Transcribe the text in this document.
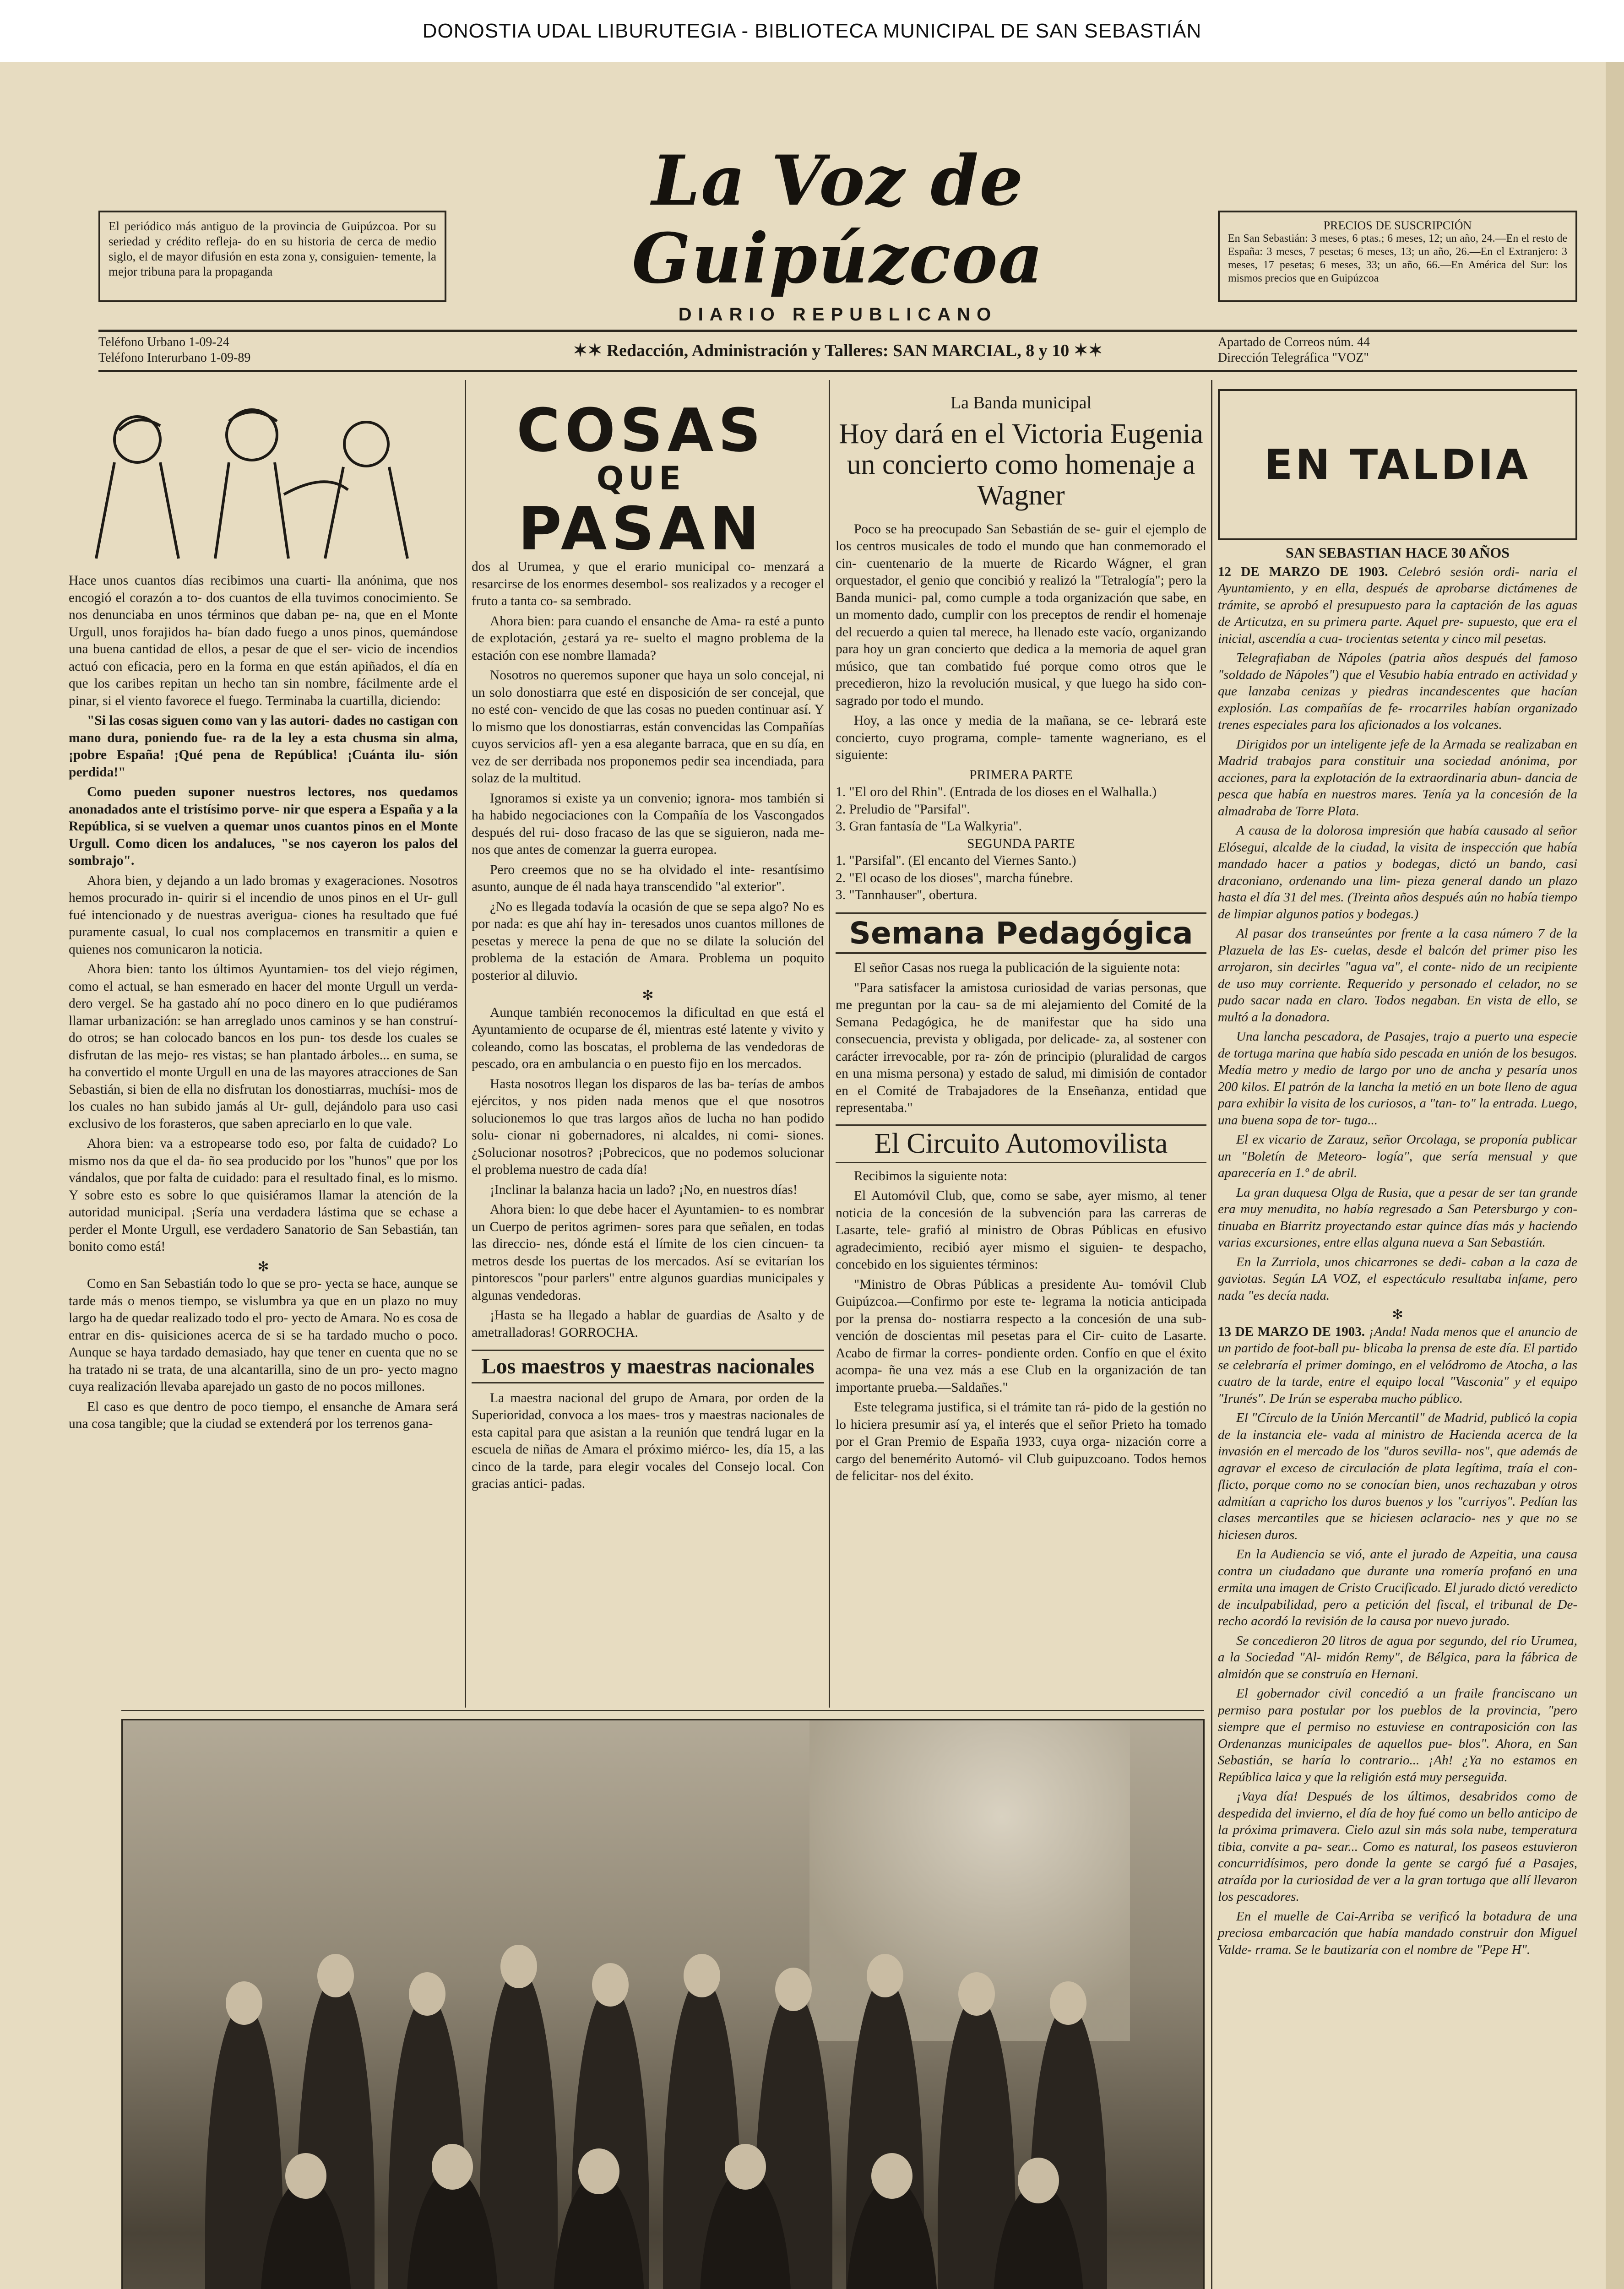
DONOSTIA UDAL LIBURUTEGIA - BIBLIOTECA MUNICIPAL DE SAN SEBASTIÁN
El periódico más antiguo de la provincia de Guipúzcoa. Por su seriedad y crédito refleja- do en su historia de cerca de medio siglo, el de mayor difusión en esta zona y, consiguien- temente, la mejor tribuna para la propaganda
La Voz de Guipúzcoa
DIARIO REPUBLICANO
PRECIOS DE SUSCRIPCIÓN
En San Sebastián: 3 meses, 6 ptas.; 6 meses, 12; un año, 24.—En el resto de España: 3 meses, 7 pesetas; 6 meses, 13; un año, 26.—En el Extranjero: 3 meses, 17 pesetas; 6 meses, 33; un año, 66.—En América del Sur: los mismos precios que en Guipúzcoa
Teléfono Urbano 1-09-24
Teléfono Interurbano 1-09-89	✶✶ Redacción, Administración y Talleres: SAN MARCIAL, 8 y 10 ✶✶	Apartado de Correos núm. 44
Dirección Telegráfica "VOZ"
COSAS
QUE
PASAN

Hace unos cuantos días recibimos una cuarti- lla anónima, que nos encogió el corazón a to- dos cuantos de ella tuvimos conocimiento. Se nos denunciaba en unos términos que daban pe- na, que en el Monte Urgull, unos forajidos ha- bían dado fuego a unos pinos, quemándose una buena cantidad de ellos, a pesar de que el ser- vicio de incendios actuó con eficacia, pero en la forma en que están apiñados, el día en que los caribes repitan un hecho tan sin nombre, fácilmente arde el pinar, si el viento favorece el fuego. Terminaba la cuartilla, diciendo:

"Si las cosas siguen como van y las autori- dades no castigan con mano dura, poniendo fue- ra de la ley a esta chusma sin alma, ¡pobre España! ¡Qué pena de República! ¡Cuánta ilu- sión perdida!"

Como pueden suponer nuestros lectores, nos quedamos anonadados ante el tristísimo porve- nir que espera a España y a la República, si se vuelven a quemar unos cuantos pinos en el Monte Urgull. Como dicen los andaluces, "se nos cayeron los palos del sombrajo".

Ahora bien, y dejando a un lado bromas y exageraciones. Nosotros hemos procurado in- quirir si el incendio de unos pinos en el Ur- gull fué intencionado y de nuestras averigua- ciones ha resultado que fué puramente casual, lo cual nos complacemos en transmitir a quien e quienes nos comunicaron la noticia.

Ahora bien: tanto los últimos Ayuntamien- tos del viejo régimen, como el actual, se han esmerado en hacer del monte Urgull un verda- dero vergel. Se ha gastado ahí no poco dinero en lo que pudiéramos llamar urbanización: se han arreglado unos caminos y se han construí- do otros; se han colocado bancos en los pun- tos desde los cuales se disfrutan de las mejo- res vistas; se han plantado árboles... en suma, se ha convertido el monte Urgull en una de las mayores atracciones de San Sebastián, si bien de ella no disfrutan los donostiarras, muchísi- mos de los cuales no han subido jamás al Ur- gull, dejándolo para uso casi exclusivo de los forasteros, que saben apreciarlo en lo que vale.

Ahora bien: va a estropearse todo eso, por falta de cuidado? Lo mismo nos da que el da- ño sea producido por los "hunos" que por los vándalos, que por falta de cuidado: para el resultado final, es lo mismo. Y sobre esto es sobre lo que quisiéramos llamar la atención de la autoridad municipal. ¡Sería una verdadera lástima que se echase a perder el Monte Urgull, ese verdadero Sanatorio de San Sebastián, tan bonito como está!

✻

Como en San Sebastián todo lo que se pro- yecta se hace, aunque se tarde más o menos tiempo, se vislumbra ya que en un plazo no muy largo ha de quedar realizado todo el pro- yecto de Amara. No es cosa de entrar en dis- quisiciones acerca de si se ha tardado mucho o poco. Aunque se haya tardado demasiado, hay que tener en cuenta que no se ha tratado ni se trata, de una alcantarilla, sino de un pro- yecto magno cuya realización llevaba aparejado un gasto de no pocos millones.

El caso es que dentro de poco tiempo, el ensanche de Amara será una cosa tangible; que la ciudad se extenderá por los terrenos gana-

dos al Urumea, y que el erario municipal co- menzará a resarcirse de los enormes desembol- sos realizados y a recoger el fruto a tanta co- sa sembrado.

Ahora bien: para cuando el ensanche de Ama- ra esté a punto de explotación, ¿estará ya re- suelto el magno problema de la estación con ese nombre llamada?

Nosotros no queremos suponer que haya un solo concejal, ni un solo donostiarra que esté en disposición de ser concejal, que no esté con- vencido de que las cosas no pueden continuar así. Y lo mismo que los donostiarras, están convencidas las Compañías cuyos servicios afl- yen a esa alegante barraca, que en su día, en vez de ser derribada nos proponemos pedir sea incendiada, para solaz de la multitud.

Ignoramos si existe ya un convenio; ignora- mos también si ha habido negociaciones con la Compañía de los Vascongados después del rui- doso fracaso de las que se siguieron, nada me- nos que antes de comenzar la guerra europea.

Pero creemos que no se ha olvidado el inte- resantísimo asunto, aunque de él nada haya transcendido "al exterior".

¿No es llegada todavía la ocasión de que se sepa algo? No es por nada: es que ahí hay in- teresados unos cuantos millones de pesetas y merece la pena de que no se dilate la solución del problema de la estación de Amara. Problema un poquito posterior al diluvio.

✻

Aunque también reconocemos la dificultad en que está el Ayuntamiento de ocuparse de él, mientras esté latente y vivito y coleando, como las boscatas, el problema de las vendedoras de pescado, ora en ambulancia o en puesto fijo en los mercados.

Hasta nosotros llegan los disparos de las ba- terías de ambos ejércitos, y nos piden nada menos que el que nosotros solucionemos lo que tras largos años de lucha no han podido solu- cionar ni gobernadores, ni alcaldes, ni comi- siones. ¿Solucionar nosotros? ¡Pobrecicos, que no podemos solucionar el problema nuestro de cada día!

¡Inclinar la balanza hacia un lado? ¡No, en nuestros días!

Ahora bien: lo que debe hacer el Ayuntamien- to es nombrar un Cuerpo de peritos agrimen- sores para que señalen, en todas las direccio- nes, dónde está el límite de los cien cincuen- ta metros desde los puertas de los mercados. Así se evitarían los pintorescos "pour parlers" entre algunos guardias municipales y algunas vendedoras.

¡Hasta se ha llegado a hablar de guardias de Asalto y de ametralladoras! GORROCHA.

Los maestros y maestras nacionales

La maestra nacional del grupo de Amara, por orden de la Superioridad, convoca a los maes- tros y maestras nacionales de esta capital para que asistan a la reunión que tendrá lugar en la escuela de niñas de Amara el próximo miérco- les, día 15, a las cinco de la tarde, para elegir vocales del Consejo local. Con gracias antici- padas.

La Banda municipal
Hoy dará en el Victoria Eugenia un concierto como homenaje a Wagner

Poco se ha preocupado San Sebastián de se- guir el ejemplo de los centros musicales de todo el mundo que han conmemorado el cin- cuentenario de la muerte de Ricardo Wágner, el gran orquestador, el genio que concibió y realizó la "Tetralogía"; pero la Banda munici- pal, como cumple a toda organización que sabe, en un momento dado, cumplir con los preceptos de rendir el homenaje del recuerdo a quien tal merece, ha llenado este vacío, organizando para hoy un gran concierto que dedica a la memoria de aquel gran músico, que tan combatido fué porque como otros que le precedieron, hizo la revolución musical, y que luego ha sido con- sagrado por todo el mundo.

Hoy, a las once y media de la mañana, se ce- lebrará este concierto, cuyo programa, comple- tamente wagneriano, es el siguiente:

PRIMERA PARTE
1. "El oro del Rhin". (Entrada de los dioses en el Walhalla.)
2. Preludio de "Parsifal".
3. Gran fantasía de "La Walkyria".
SEGUNDA PARTE
1. "Parsifal". (El encanto del Viernes Santo.)
2. "El ocaso de los dioses", marcha fúnebre.
3. "Tannhauser", obertura.
Semana Pedagógica

El señor Casas nos ruega la publicación de la siguiente nota:

"Para satisfacer la amistosa curiosidad de varias personas, que me preguntan por la cau- sa de mi alejamiento del Comité de la Semana Pedagógica, he de manifestar que ha sido una consecuencia, prevista y obligada, por delicade- za, al sostener con carácter irrevocable, por ra- zón de principio (pluralidad de cargos en una misma persona) y estado de salud, mi dimisión de contador en el Comité de Trabajadores de la Enseñanza, entidad que representaba."

El Circuito Automovilista

Recibimos la siguiente nota:

El Automóvil Club, que, como se sabe, ayer mismo, al tener noticia de la concesión de la subvención para las carreras de Lasarte, tele- grafió al ministro de Obras Públicas en efusivo agradecimiento, recibió ayer mismo el siguien- te despacho, concebido en los siguientes términos:

"Ministro de Obras Públicas a presidente Au- tomóvil Club Guipúzcoa.—Confirmo por este te- legrama la noticia anticipada por la prensa do- nostiarra respecto a la concesión de una sub- vención de doscientas mil pesetas para el Cir- cuito de Lasarte. Acabo de firmar la corres- pondiente orden. Confío en que el éxito acompa- ñe una vez más a ese Club en la organización de tan importante prueba.—Saldañes."

Este telegrama justifica, si el trámite tan rá- pido de la gestión no lo hiciera presumir así ya, el interés que el señor Prieto ha tomado por el Gran Premio de España 1933, cuya orga- nización corre a cargo del benemérito Automó- vil Club guipuzcoano. Todos hemos de felicitar- nos del éxito.

EN TALDIA
SAN SEBASTIAN HACE 30 AÑOS

12 DE MARZO DE 1903. Celebró sesión ordi- naria el Ayuntamiento, y en ella, después de aprobarse dictámenes de trámite, se aprobó el presupuesto para la captación de las aguas de Articutza, en su primera parte. Aquel pre- supuesto, que era el inicial, ascendía a cua- trocientas setenta y cinco mil pesetas.

Telegrafiaban de Nápoles (patria años después del famoso "soldado de Nápoles") que el Vesubio había entrado en actividad y que lanzaba cenizas y piedras incandescentes que hacían explosión. Las compañías de fe- rrocarriles habían organizado trenes especiales para los aficionados a los volcanes.

Dirigidos por un inteligente jefe de la Armada se realizaban en Madrid trabajos para constituir una sociedad anónima, por acciones, para la explotación de la extraordinaria abun- dancia de pesca que había en nuestros mares. Tenía ya la concesión de la almadraba de Torre Plata.

A causa de la dolorosa impresión que había causado al señor Elósegui, alcalde de la ciudad, la visita de inspección que había mandado hacer a patios y bodegas, dictó un bando, casi draconiano, ordenando una lim- pieza general dando un plazo hasta el día 31 del mes. (Treinta años después aún no había tiempo de limpiar algunos patios y bodegas.)

Al pasar dos transeúntes por frente a la casa número 7 de la Plazuela de las Es- cuelas, desde el balcón del primer piso les arrojaron, sin decirles "agua va", el conte- nido de un recipiente de uso muy corriente. Requerido y personado el celador, no se pudo sacar nada en claro. Todos negaban. En vista de ello, se multó a la donadora.

Una lancha pescadora, de Pasajes, trajo a puerto una especie de tortuga marina que había sido pescada en unión de los besugos. Medía metro y medio de largo por uno de ancha y pesaría unos 200 kilos. El patrón de la lancha la metió en un bote lleno de agua para exhibir la visita de los curiosos, a "tan- to" la entrada. Luego, una buena sopa de tor- tuga...

El ex vicario de Zarauz, señor Orcolaga, se proponía publicar un "Boletín de Meteoro- logía", que sería mensual y que aparecería en 1.º de abril.

La gran duquesa Olga de Rusia, que a pesar de ser tan grande era muy menudita, no había regresado a San Petersburgo y con- tinuaba en Biarritz proyectando estar quince días más y haciendo varias excursiones, entre ellas alguna nueva a San Sebastián.

En la Zurriola, unos chicarrones se dedi- caban a la caza de gaviotas. Según LA VOZ, el espectáculo resultaba infame, pero nada "es decía nada.

✻

13 DE MARZO DE 1903. ¡Anda! Nada menos que el anuncio de un partido de foot-ball pu- blicaba la prensa de este día. El partido se celebraría el primer domingo, en el velódromo de Atocha, a las cuatro de la tarde, entre el equipo local "Vasconia" y el equipo "Irunés". De Irún se esperaba mucho público.

El "Círculo de la Unión Mercantil" de Madrid, publicó la copia de la instancia ele- vada al ministro de Hacienda acerca de la invasión en el mercado de los "duros sevilla- nos", que además de agravar el exceso de circulación de plata legítima, traía el con- flicto, porque como no se conocían bien, unos rechazaban y otros admitían a capricho los duros buenos y los "curriyos". Pedían las clases mercantiles que se hiciesen aclaracio- nes y que no se hiciesen duros.

En la Audiencia se vió, ante el jurado de Azpeitia, una causa contra un ciudadano que durante una romería profanó en una ermita una imagen de Cristo Crucificado. El jurado dictó veredicto de inculpabilidad, pero a petición del fiscal, el tribunal de De- recho acordó la revisión de la causa por nuevo jurado.

Se concedieron 20 litros de agua por segundo, del río Urumea, a la Sociedad "Al- midón Remy", de Bélgica, para la fábrica de almidón que se construía en Hernani.

El gobernador civil concedió a un fraile franciscano un permiso para postular por los pueblos de la provincia, "pero siempre que el permiso no estuviese en contraposición con las Ordenanzas municipales de aquellos pue- blos". Ahora, en San Sebastián, se haría lo contrario... ¡Ah! ¿Ya no estamos en República laica y que la religión está muy perseguida.

¡Vaya día! Después de los últimos, desabridos como de despedida del invierno, el día de hoy fué como un bello anticipo de la próxima primavera. Cielo azul sin más sola nube, temperatura tibia, convite a pa- sear... Como es natural, los paseos estuvieron concurridísimos, pero donde la gente se cargó fué a Pasajes, atraída por la curiosidad de ver a la gran tortuga que allí llevaron los pescadores.

En el muelle de Cai-Arriba se verificó la botadura de una preciosa embarcación que había mandado construir don Miguel Valde- rrama. Se le bautizaría con el nombre de "Pepe H".
